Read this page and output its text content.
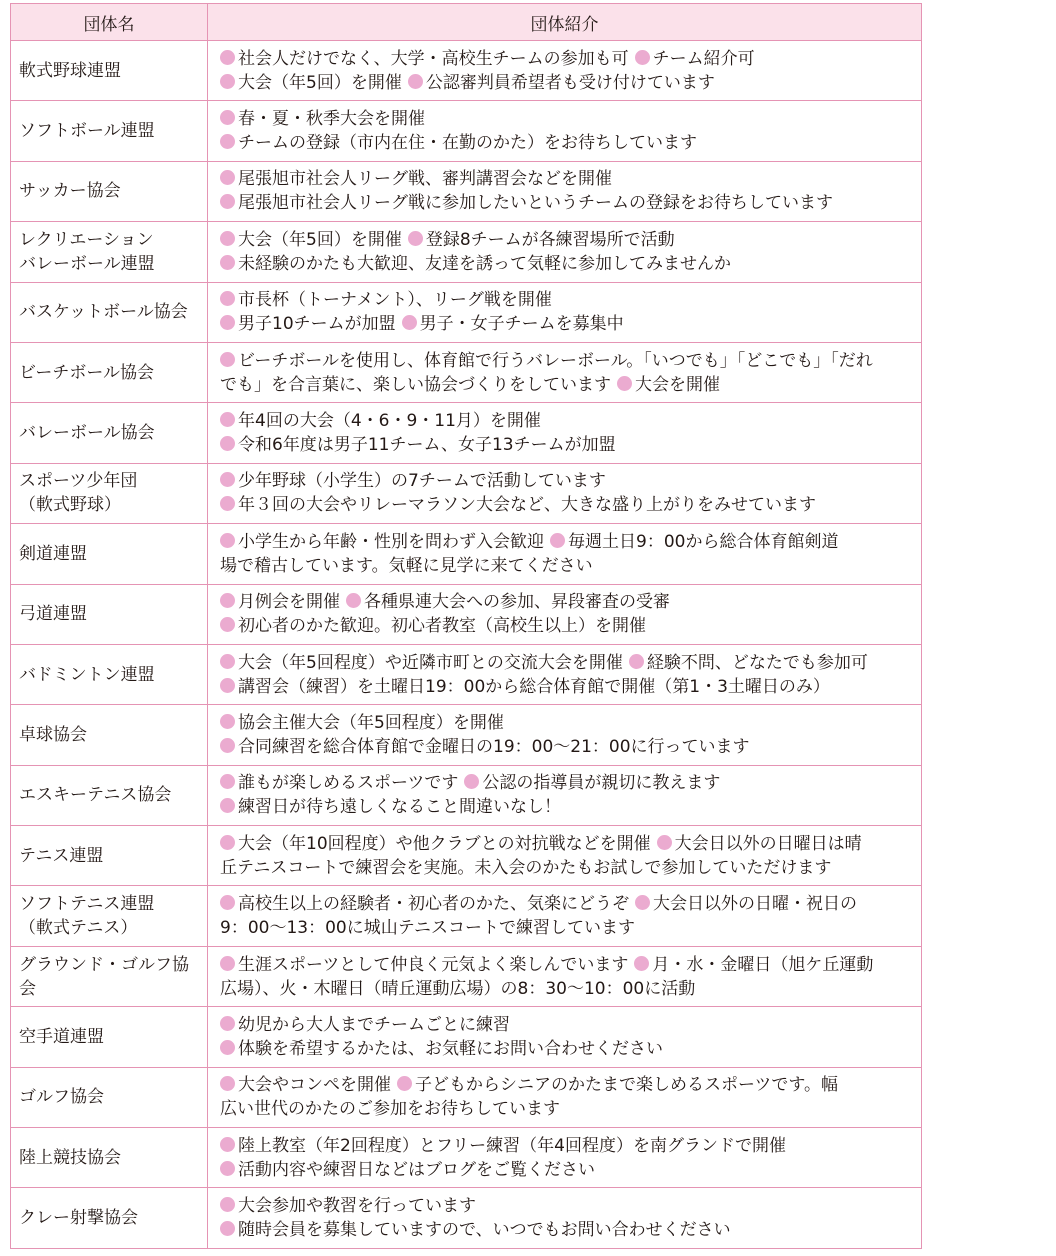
団体名	団体紹介
軟式野球連盟	社会人だけでなく、大学・高校生チームの参加も可 チーム紹介可
大会（年5回）を開催 公認審判員希望者も受け付けています

ソフトボール連盟	春・夏・秋季大会を開催
チームの登録（市内在住・在勤のかた）をお待ちしています

サッカー協会	尾張旭市社会人リーグ戦、審判講習会などを開催
尾張旭市社会人リーグ戦に参加したいというチームの登録をお待ちしています

レクリエーション
バレーボール連盟	大会（年5回）を開催 登録8チームが各練習場所で活動
未経験のかたも大歓迎、友達を誘って気軽に参加してみませんか

バスケットボール協会	市長杯（トーナメント）、リーグ戦を開催
男子10チームが加盟 男子・女子チームを募集中

ビーチボール協会	ビーチボールを使用し、体育館で行うバレーボール。「いつでも」「どこでも」「だれ
でも」を合言葉に、楽しい協会づくりをしています 大会を開催

バレーボール協会	年4回の大会（4・6・9・11月）を開催
令和6年度は男子11チーム、女子13チームが加盟

スポーツ少年団
（軟式野球）	少年野球（小学生）の7チームで活動しています
年３回の大会やリレーマラソン大会など、大きな盛り上がりをみせています

剣道連盟	小学生から年齢・性別を問わず入会歓迎 毎週土日9：00から総合体育館剣道
場で稽古しています。気軽に見学に来てください

弓道連盟	月例会を開催 各種県連大会への参加、昇段審査の受審
初心者のかた歓迎。初心者教室（高校生以上）を開催

バドミントン連盟	大会（年5回程度）や近隣市町との交流大会を開催 経験不問、どなたでも参加可
講習会（練習）を土曜日19：00から総合体育館で開催（第1・3土曜日のみ）

卓球協会	協会主催大会（年5回程度）を開催
合同練習を総合体育館で金曜日の19：00～21：00に行っています

エスキーテニス協会	誰もが楽しめるスポーツです 公認の指導員が親切に教えます
練習日が待ち遠しくなること間違いなし！

テニス連盟	大会（年10回程度）や他クラブとの対抗戦などを開催 大会日以外の日曜日は晴
丘テニスコートで練習会を実施。未入会のかたもお試しで参加していただけます

ソフトテニス連盟
（軟式テニス）	高校生以上の経験者・初心者のかた、気楽にどうぞ 大会日以外の日曜・祝日の
9：00～13：00に城山テニスコートで練習しています

グラウンド・ゴルフ協会	生涯スポーツとして仲良く元気よく楽しんでいます 月・水・金曜日（旭ケ丘運動
広場）、火・木曜日（晴丘運動広場）の8：30～10：00に活動

空手道連盟	幼児から大人までチームごとに練習
体験を希望するかたは、お気軽にお問い合わせください

ゴルフ協会	大会やコンペを開催 子どもからシニアのかたまで楽しめるスポーツです。幅
広い世代のかたのご参加をお待ちしています

陸上競技協会	陸上教室（年2回程度）とフリー練習（年4回程度）を南グランドで開催
活動内容や練習日などはブログをご覧ください

クレー射撃協会	大会参加や教習を行っています
随時会員を募集していますので、いつでもお問い合わせください
